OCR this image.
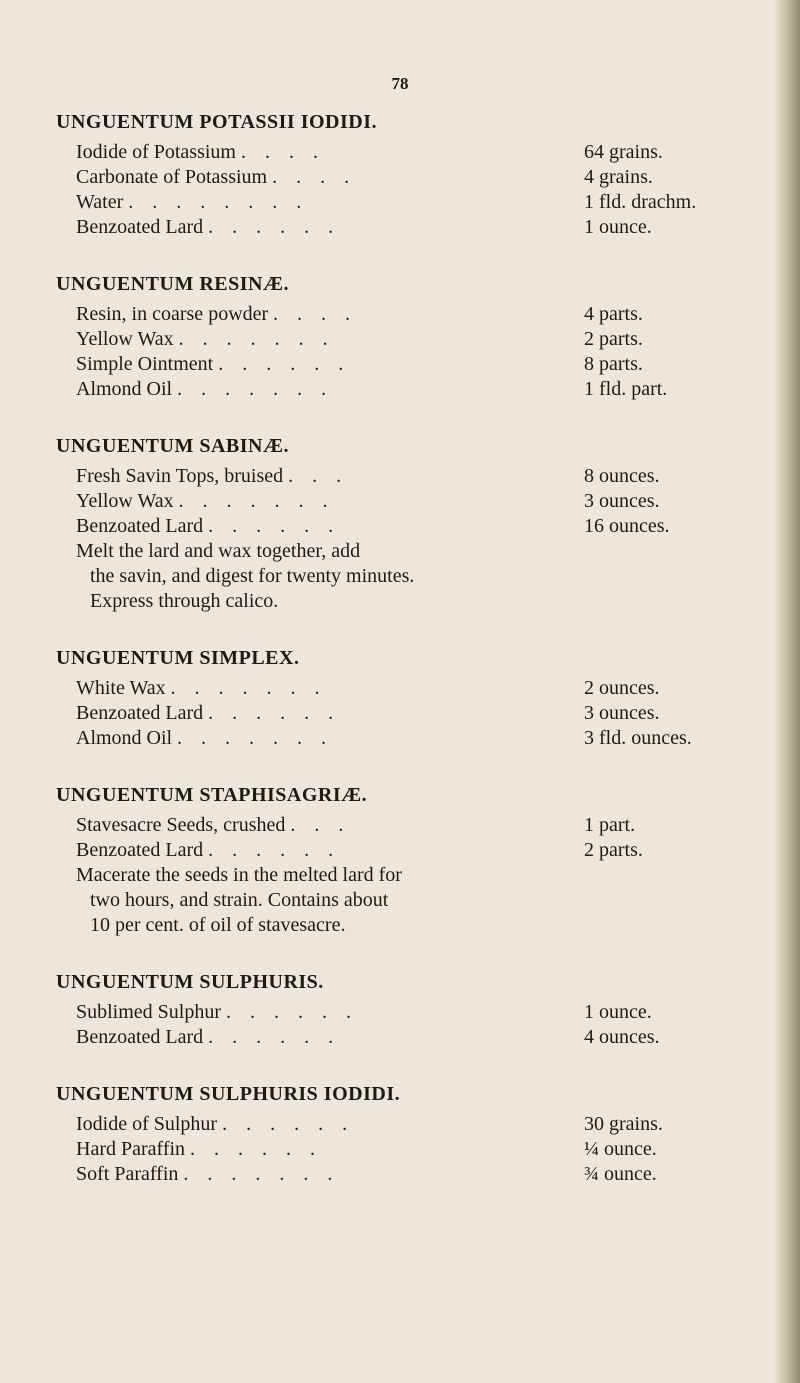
78
UNGUENTUM POTASSII IODIDI.
Iodide of Potassium . . . .	64 grains.
Carbonate of Potassium . . . .	4 grains.
Water . . . . . . . .	1 fld. drachm.
Benzoated Lard . . . . . .	1 ounce.
UNGUENTUM RESINÆ.
Resin, in coarse powder . . . .	4 parts.
Yellow Wax . . . . . . .	2 parts.
Simple Ointment . . . . . .	8 parts.
Almond Oil . . . . . . .	1 fld. part.
UNGUENTUM SABINÆ.
Fresh Savin Tops, bruised . . .	8 ounces.
Yellow Wax . . . . . . .	3 ounces.
Benzoated Lard . . . . . .	16 ounces.
Melt the lard and wax together, add
the savin, and digest for twenty minutes.
Express through calico.
UNGUENTUM SIMPLEX.
White Wax . . . . . . .	2 ounces.
Benzoated Lard . . . . . .	3 ounces.
Almond Oil . . . . . . .	3 fld. ounces.
UNGUENTUM STAPHISAGRIÆ.
Stavesacre Seeds, crushed . . .	1 part.
Benzoated Lard . . . . . .	2 parts.
Macerate the seeds in the melted lard for
two hours, and strain. Contains about
10 per cent. of oil of stavesacre.
UNGUENTUM SULPHURIS.
Sublimed Sulphur . . . . . .	1 ounce.
Benzoated Lard . . . . . .	4 ounces.
UNGUENTUM SULPHURIS IODIDI.
Iodide of Sulphur . . . . . .	30 grains.
Hard Paraffin . . . . . .	¼ ounce.
Soft Paraffin . . . . . . .	¾ ounce.
